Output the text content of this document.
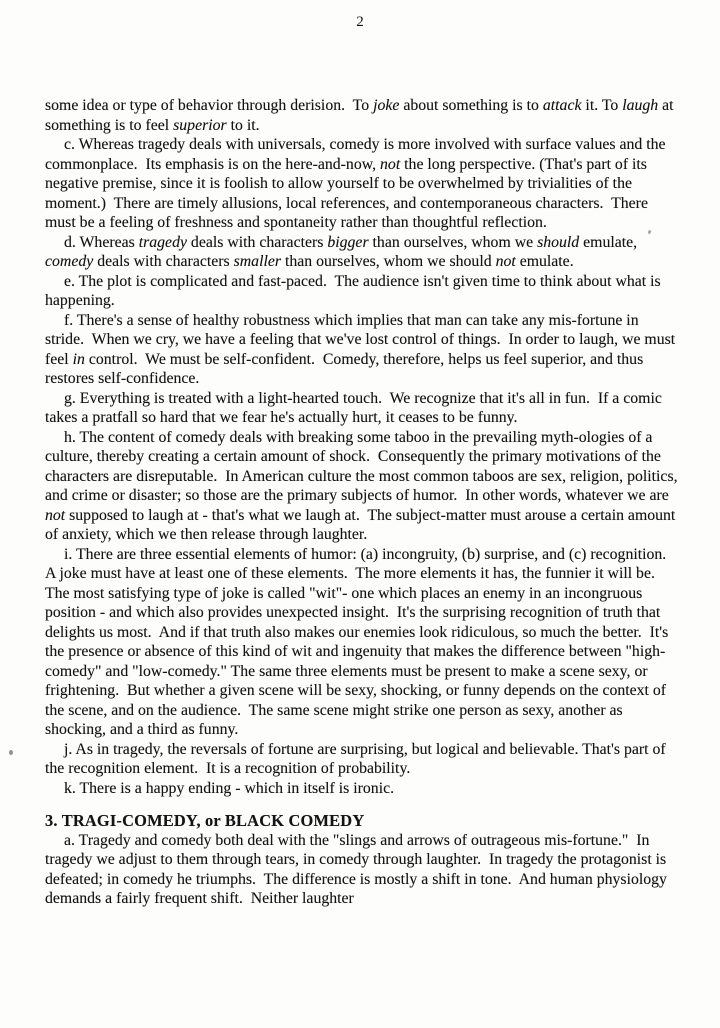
2

some idea or type of behavior through derision.  To joke about something is to attack it. To laugh at something is to feel superior to it.

c. Whereas tragedy deals with universals, comedy is more involved with surface values and the commonplace.  Its emphasis is on the here-and-now, not the long perspective. (That's part of its negative premise, since it is foolish to allow yourself to be overwhelmed by trivialities of the moment.)  There are timely allusions, local references, and contemporaneous characters.  There must be a feeling of freshness and spontaneity rather than thoughtful reflection.

d. Whereas tragedy deals with characters bigger than ourselves, whom we should emulate, comedy deals with characters smaller than ourselves, whom we should not emulate.

e. The plot is complicated and fast-paced.  The audience isn't given time to think about what is happening.

f. There's a sense of healthy robustness which implies that man can take any mis-fortune in stride.  When we cry, we have a feeling that we've lost control of things.  In order to laugh, we must feel in control.  We must be self-confident.  Comedy, therefore, helps us feel superior, and thus restores self-confidence.

g. Everything is treated with a light-hearted touch.  We recognize that it's all in fun.  If a comic takes a pratfall so hard that we fear he's actually hurt, it ceases to be funny.

h. The content of comedy deals with breaking some taboo in the prevailing myth-ologies of a culture, thereby creating a certain amount of shock.  Consequently the primary motivations of the characters are disreputable.  In American culture the most common taboos are sex, religion, politics, and crime or disaster; so those are the primary subjects of humor.  In other words, whatever we are not supposed to laugh at - that's what we laugh at.  The subject-matter must arouse a certain amount of anxiety, which we then release through laughter.

i. There are three essential elements of humor: (a) incongruity, (b) surprise, and (c) recognition.  A joke must have at least one of these elements.  The more elements it has, the funnier it will be.  The most satisfying type of joke is called "wit"- one which places an enemy in an incongruous position - and which also provides unexpected insight.  It's the surprising recognition of truth that delights us most.  And if that truth also makes our enemies look ridiculous, so much the better.  It's the presence or absence of this kind of wit and ingenuity that makes the difference between "high-comedy" and "low-comedy." The same three elements must be present to make a scene sexy, or frightening.  But whether a given scene will be sexy, shocking, or funny depends on the context of the scene, and on the audience.  The same scene might strike one person as sexy, another as shocking, and a third as funny.

j. As in tragedy, the reversals of fortune are surprising, but logical and believable. That's part of the recognition element.  It is a recognition of probability.

k. There is a happy ending - which in itself is ironic.

3. TRAGI-COMEDY, or BLACK COMEDY

a. Tragedy and comedy both deal with the "slings and arrows of outrageous mis-fortune."  In tragedy we adjust to them through tears, in comedy through laughter.  In tragedy the protagonist is defeated; in comedy he triumphs.  The difference is mostly a shift in tone.  And human physiology demands a fairly frequent shift.  Neither laughter
